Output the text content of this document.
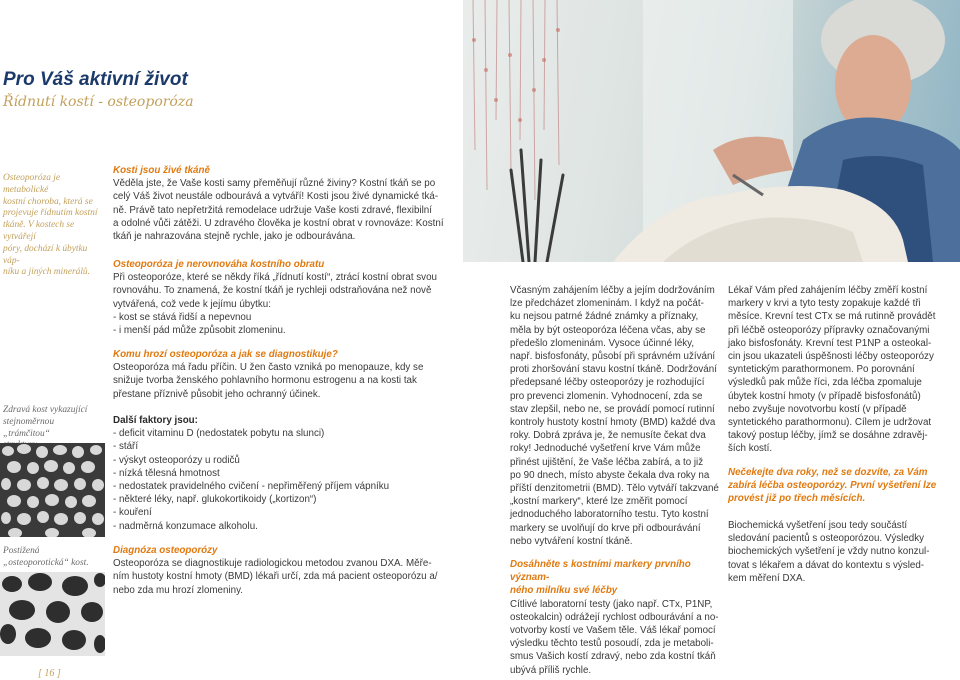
Pro Váš aktivní život
Řídnutí kostí - osteoporóza
Osteoporóza je metabolické
kostní choroba, která se
projevuje řídnutím kostní
tkáně. V kostech se vytvářejí
póry, dochází k úbytku váp-
níku a jiných minerálů.
Zdravá kost vykazující
stejnoměrnou „trámčitou“
Postižená
„osteoporotická“ kost.
[ 16 ]

Kosti jsou živé tkáně

Věděla jste, že Vaše kosti samy přeměňují různé živiny? Kostní tkáň se po

celý Váš život neustále odbourává a vytváří! Kosti jsou živé dynamické tká-

ně. Právě tato nepřetržitá remodelace udržuje Vaše kosti zdravé, flexibilní

a odolné vůči zátěži. U zdravého člověka je kostní obrat v rovnováze: Kostní

tkáň je nahrazována stejně rychle, jako je odbourávána.

Osteoporóza je nerovnováha kostního obratu

Při osteoporóze, které se někdy říká „řídnutí kostí“, ztrácí kostní obrat svou

rovnováhu. To znamená, že kostní tkáň je rychleji odstraňována než nově

vytvářená, což vede k jejímu úbytku:

- kost se stává řidší a nepevnou

- i menší pád může způsobit zlomeninu.

Komu hrozí osteoporóza a jak se diagnostikuje?

Osteoporóza má řadu příčin. U žen často vzniká po menopauze, kdy se

snižuje tvorba ženského pohlavního hormonu estrogenu a na kosti tak

přestane příznivě působit jeho ochranný účinek.

Další faktory jsou:

- deficit vitaminu D (nedostatek pobytu na slunci)

- stáří

- výskyt osteoporózy u rodičů

- nízká tělesná hmotnost

- nedostatek pravidelného cvičení - nepřiměřený příjem vápníku

- některé léky, např. glukokortikoidy („kortizon“)

- kouření

- nadměrná konzumace alkoholu.

Diagnóza osteoporózy

Osteoporóza se diagnostikuje radiologickou metodou zvanou DXA. Měře-

ním hustoty kostní hmoty (BMD) lékaři určí, zda má pacient osteoporózu a/

nebo zda mu hrozí zlomeniny.

Včasným zahájením léčby a jejím dodržováním

lze předcházet zlomeninám. I když na počát-

ku nejsou patrné žádné známky a příznaky,

měla by být osteoporóza léčena včas, aby se

předešlo zlomeninám. Vysoce účinné léky,

např. bisfosfonáty, působí při správném užívání

proti zhoršování stavu kostní tkáně. Dodržování

předepsané léčby osteoporózy je rozhodující

pro prevenci zlomenin. Vyhodnocení, zda se

stav zlepšil, nebo ne, se provádí pomocí rutinní

kontroly hustoty kostní hmoty (BMD) každé dva

roky. Dobrá zpráva je, že nemusíte čekat dva

roky! Jednoduché vyšetření krve Vám může

přinést ujištění, že Vaše léčba zabírá, a to již

po 90 dnech, místo abyste čekala dva roky na

příští denzitometrii (BMD). Tělo vytváří takzvané

„kostní markery“, které lze změřit pomocí

jednoduchého laboratorního testu. Tyto kostní

markery se uvolňují do krve při odbourávání

nebo vytváření kostní tkáně.

Dosáhněte s kostními markery prvního význam-

ného milníku své léčby

Cítlivé laboratorní testy (jako např. CTx, P1NP,

osteokalcin) odrážejí rychlost odbourávání a no-

votvorby kostí ve Vašem těle. Váš lékař pomocí

výsledku těchto testů posoudí, zda je metaboli-

smus Vašich kostí zdravý, nebo zda kostní tkáň

ubývá příliš rychle.

Lékař Vám před zahájením léčby změří kostní

markery v krvi a tyto testy zopakuje každé tři

měsíce. Krevní test CTx se má rutinně provádět

při léčbě osteoporózy přípravky označovanými

jako bisfosfonáty. Krevní test P1NP a osteokal-

cin jsou ukazateli úspěšnosti léčby osteoporózy

syntetickým parathormonem. Po porovnání

výsledků pak může říci, zda léčba zpomaluje

úbytek kostní hmoty (v případě bisfosfonátů)

nebo zvyšuje novotvorbu kostí (v případě

syntetického parathormonu). Cílem je udržovat

takový postup léčby, jímž se dosáhne zdravěj-

ších kostí.

Nečekejte dva roky, než se dozvíte, za Vám

zabírá léčba osteoporózy. První vyšetření lze

provést již po třech měsících.

Biochemická vyšetření jsou tedy součástí

sledování pacientů s osteoporózou. Výsledky

biochemických vyšetření je vždy nutno konzul-

tovat s lékařem a dávat do kontextu s výsled-

kem měření DXA.
